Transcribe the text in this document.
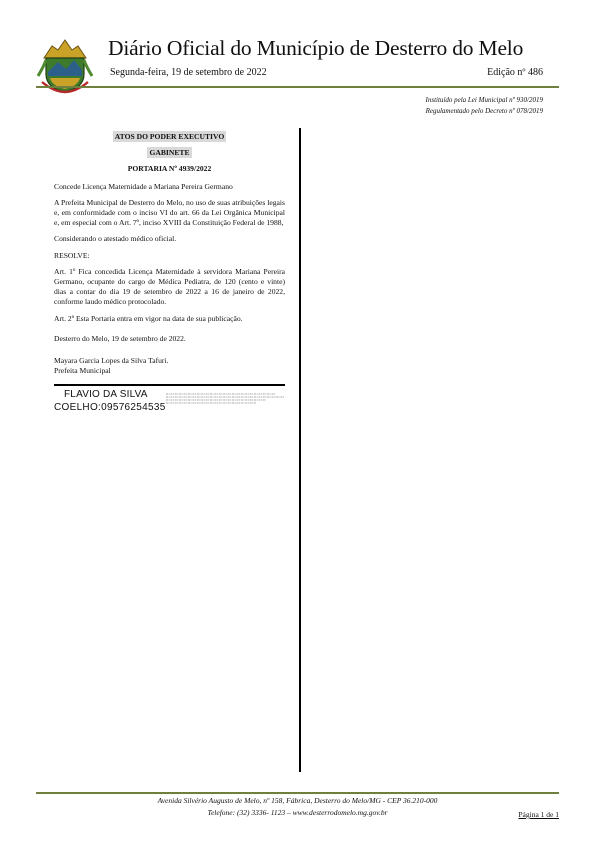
Diário Oficial do Município de Desterro do Melo
Segunda-feira, 19 de setembro de 2022	Edição nº 486
Instituído pela Lei Municipal nº 930/2019
Regulamentado pelo Decreto nº 078/2019
ATOS DO PODER EXECUTIVO
GABINETE
PORTARIA Nº 4939/2022

Concede Licença Maternidade a Mariana Pereira Germano

A Prefeita Municipal de Desterro do Melo, no uso de suas atribuições legais e, em conformidade com o inciso VI do art. 66 da Lei Orgânica Municipal e, em especial com o Art. 7º, inciso XVIII da Constituição Federal de 1988,

Considerando o atestado médico oficial.

RESOLVE:

Art. 1º Fica concedida Licença Maternidade à servidora Mariana Pereira Germano, ocupante do cargo de Médica Pediatra, de 120 (cento e vinte) dias a contar do dia 19 de setembro de 2022 a 16 de janeiro de 2022, conforme laudo médico protocolado.

Art. 2º Esta Portaria entra em vigor na data de sua publicação.

Desterro do Melo, 19 de setembro de 2022.

Mayara Garcia Lopes da Silva Tafuri.

Prefeita Municipal

FLAVIO DA SILVA
COELHO:09576254535
Avenida Silvério Augusto de Melo, nº 158, Fábrica, Desterro do Melo/MG - CEP 36.210-000
Telefone: (32) 3336- 1123 – www.desterrodomelo.mg.gov.br	Página 1 de 1
